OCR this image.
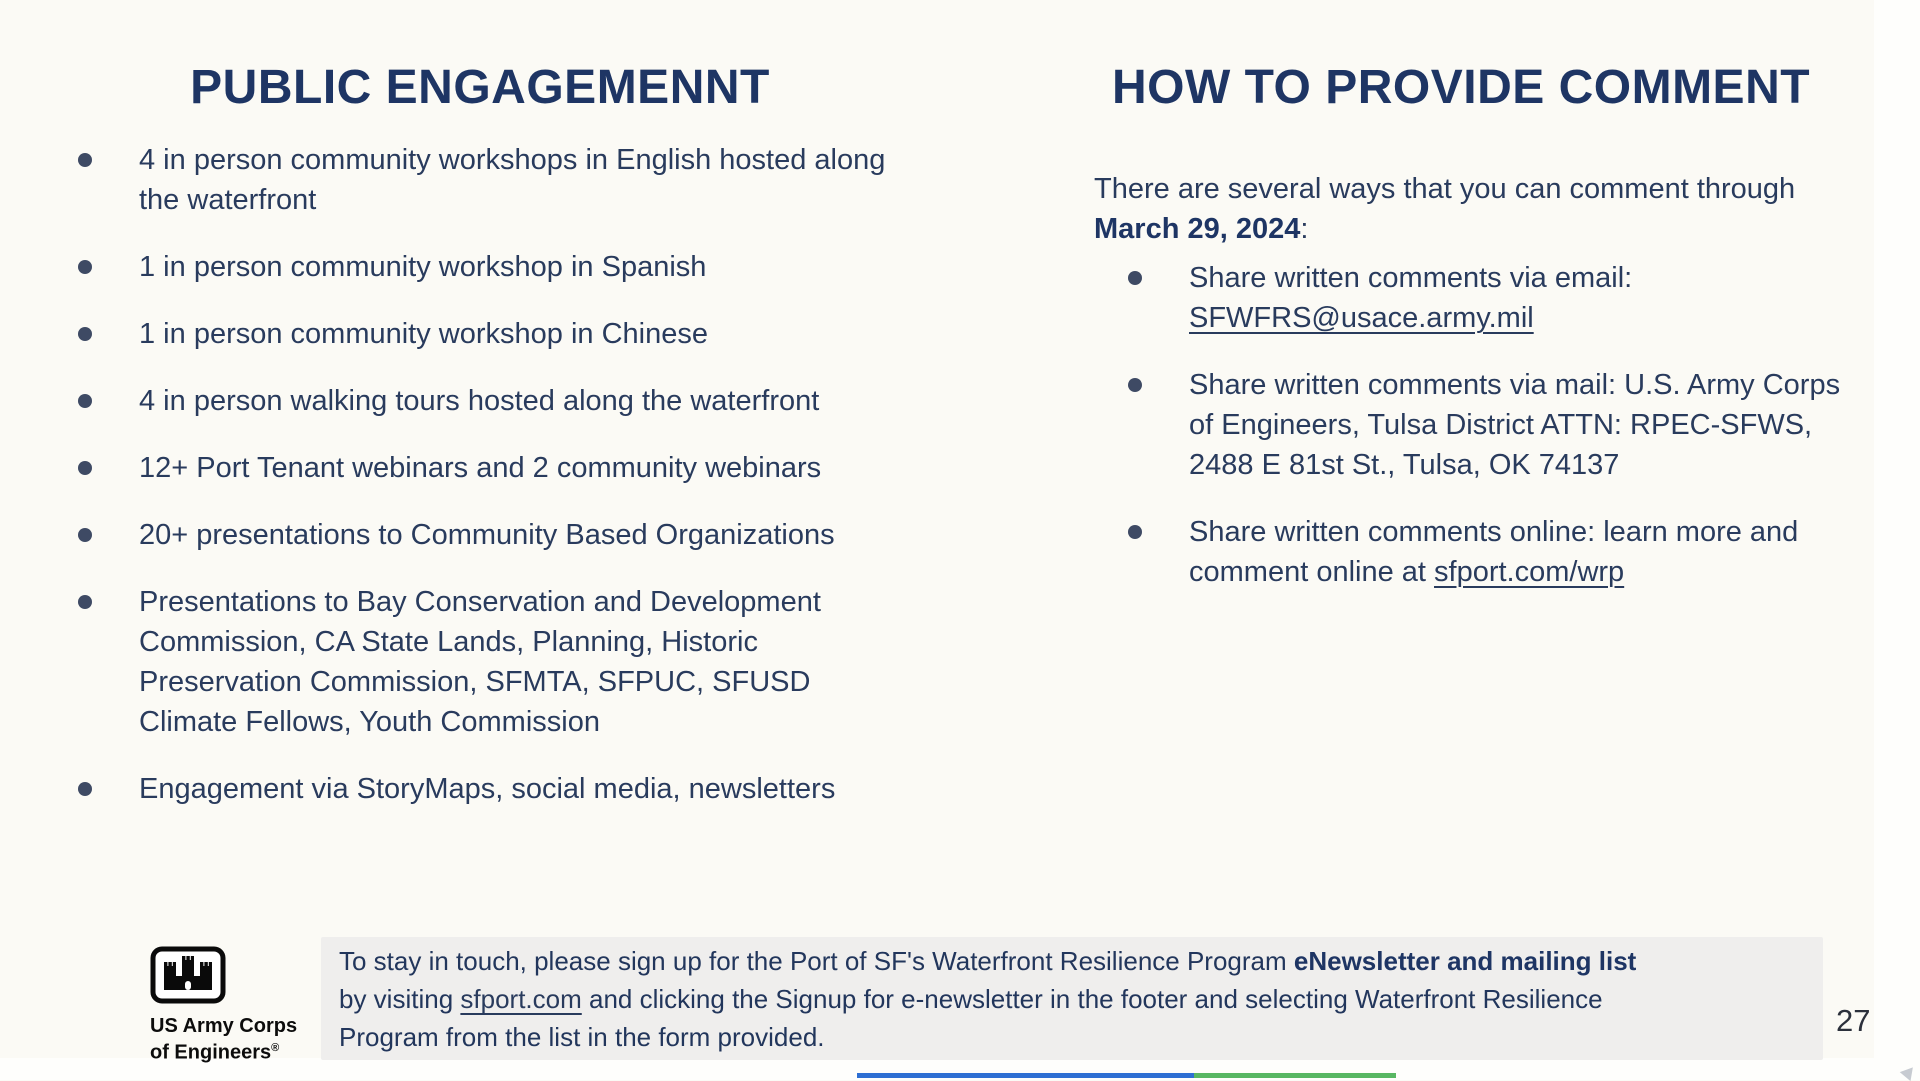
PUBLIC ENGAGEMENNT	HOW TO PROVIDE COMMENT
4 in person community workshops in English hosted along the waterfront
1 in person community workshop in Spanish
1 in person community workshop in Chinese
4 in person walking tours hosted along the waterfront
12+ Port Tenant webinars and 2 community webinars
20+ presentations to Community Based Organizations
Presentations to Bay Conservation and Development Commission, CA State Lands, Planning, Historic Preservation Commission, SFMTA, SFPUC, SFUSD Climate Fellows, Youth Commission
Engagement via StoryMaps, social media, newsletters

There are several ways that you can comment through March 29, 2024:

Share written comments via email: SFWFRS@usace.army.mil
Share written comments via mail: U.S. Army Corps of Engineers, Tulsa District ATTN: RPEC-SFWS, 2488 E 81st St., Tulsa, OK 74137
Share written comments online: learn more and comment online at sfport.com/wrp
US Army Corps
of Engineers®
To stay in touch, please sign up for the Port of SF's Waterfront Resilience Program eNewsletter and mailing list
by visiting sfport.com and clicking the Signup for e-newsletter in the footer and selecting Waterfront Resilience
Program from the list in the form provided.	27
